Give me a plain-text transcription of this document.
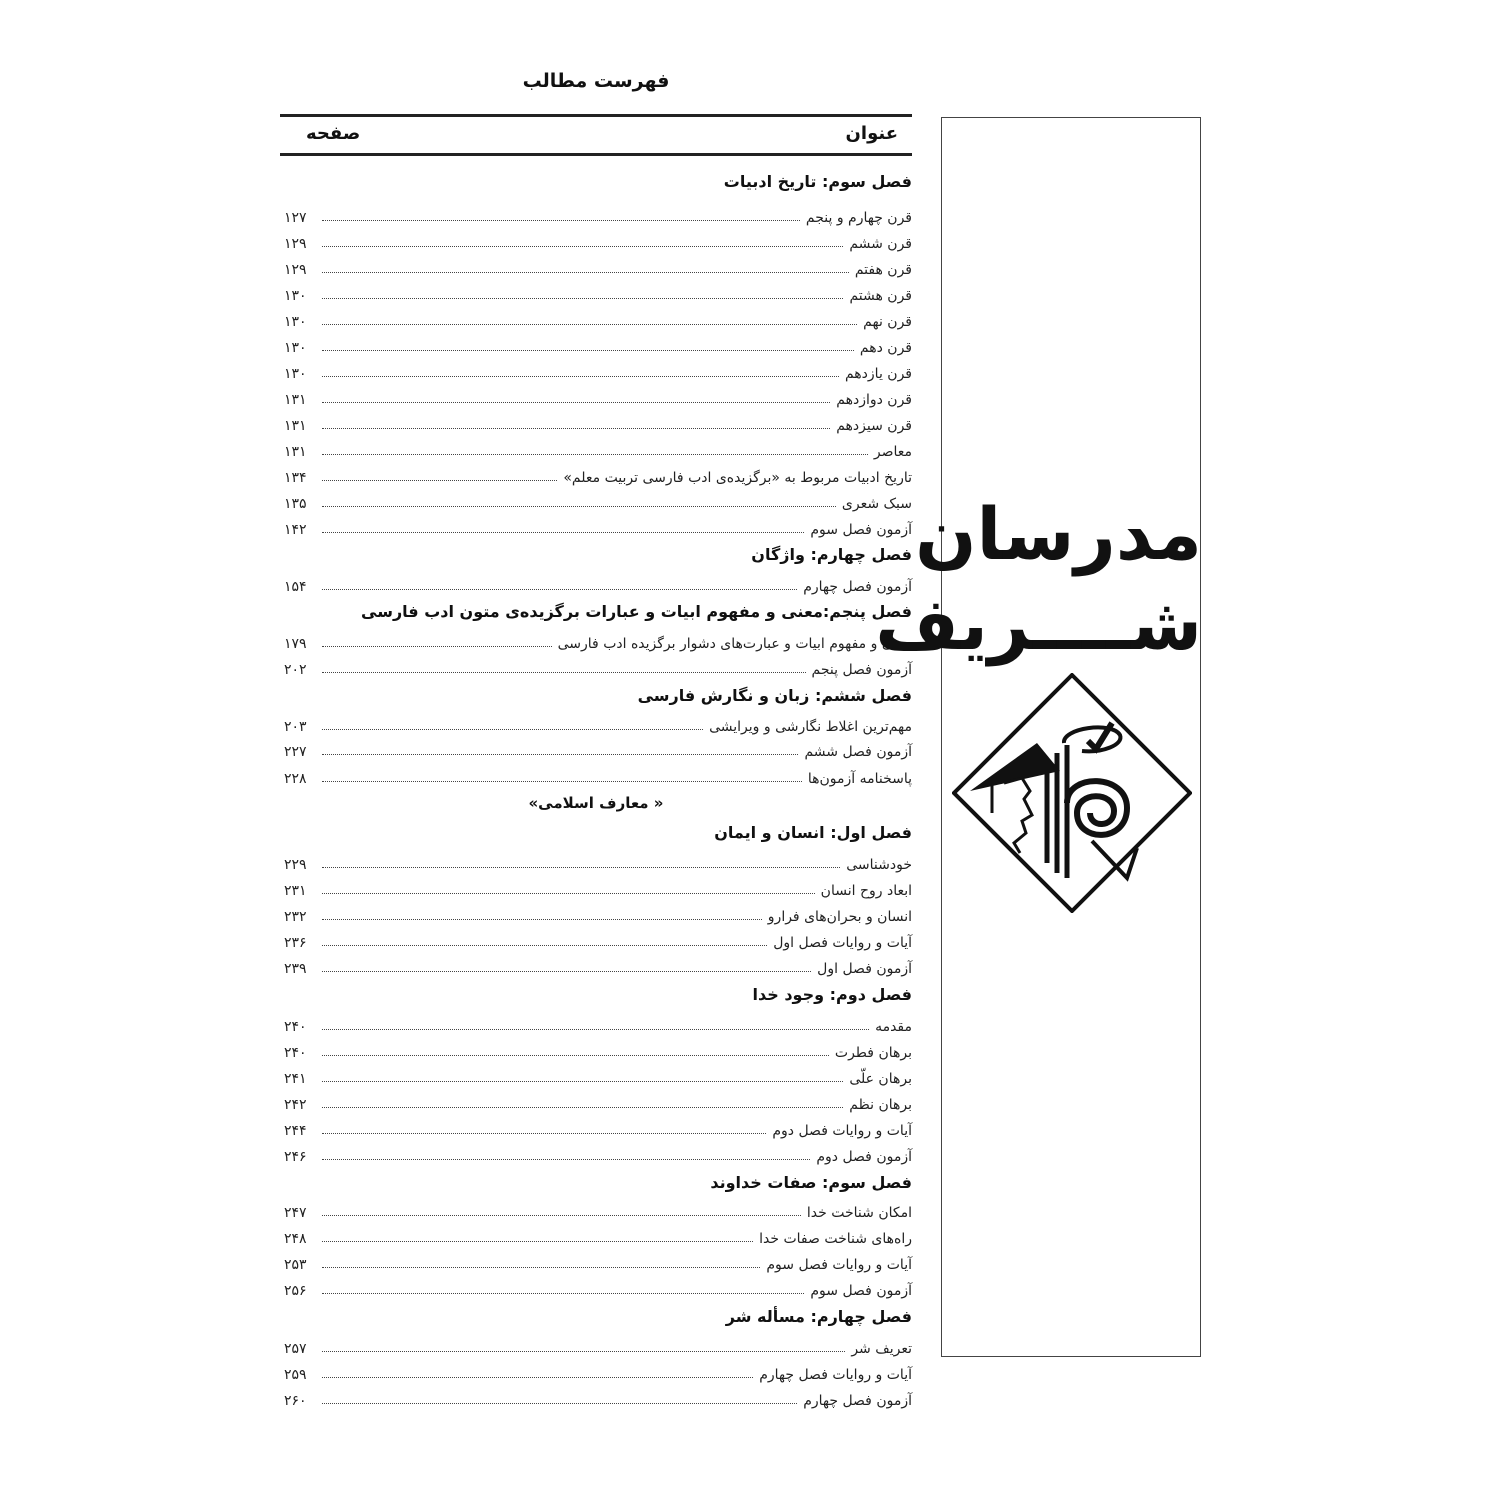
فهرست مطالب
عنوان
صفحه
فصل سوم: تاریخ ادبیات
قرن چهارم و پنجم
۱۲۷
قرن ششم
۱۲۹
قرن هفتم
۱۲۹
قرن هشتم
۱۳۰
قرن نهم
۱۳۰
قرن دهم
۱۳۰
قرن یازدهم
۱۳۰
قرن دوازدهم
۱۳۱
قرن سیزدهم
۱۳۱
معاصر
۱۳۱
تاریخ ادبیات مربوط به «برگزیده‌ی ادب فارسی تربیت معلم»
۱۳۴
سبک شعری
۱۳۵
آزمون فصل سوم
۱۴۲
فصل چهارم: واژگان
آزمون فصل چهارم
۱۵۴
فصل پنجم:معنی و مفهوم ابیات و عبارات برگزیده‌ی متون ادب فارسی
معنی و مفهوم ابیات و عبارت‌های دشوار برگزیده ادب فارسی
۱۷۹
آزمون فصل پنجم
۲۰۲
فصل ششم: زبان و نگارش فارسی
مهم‌ترین اغلاط نگارشی و ویرایشی
۲۰۳
آزمون فصل ششم
۲۲۷
پاسخنامه آزمون‌ها
۲۲۸
« معارف اسلامی»
فصل اول: انسان و ایمان
خودشناسی
۲۲۹
ابعاد روح انسان
۲۳۱
انسان و بحران‌های فرارو
۲۳۲
آیات و روایات فصل اول
۲۳۶
آزمون فصل اول
۲۳۹
فصل دوم: وجود خدا
مقدمه
۲۴۰
برهان فطرت
۲۴۰
برهان علّی
۲۴۱
برهان نظم
۲۴۲
آیات و روایات فصل دوم
۲۴۴
آزمون فصل دوم
۲۴۶
فصل سوم: صفات خداوند
امکان شناخت خدا
۲۴۷
راه‌های شناخت صفات خدا
۲۴۸
آیات و روایات فصل سوم
۲۵۳
آزمون فصل سوم
۲۵۶
فصل چهارم: مسأله شر
تعریف شر
۲۵۷
آیات و روایات فصل چهارم
۲۵۹
آزمون فصل چهارم
۲۶۰
مدرسان
شــــریف
